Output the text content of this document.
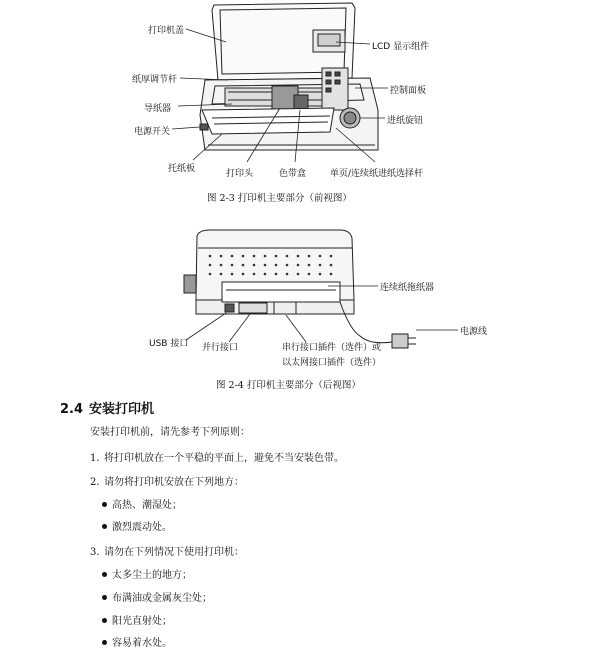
打印机盖
LCD 显示组件
纸厚调节杆
控制面板
导纸器
电源开关
进纸旋钮
托纸板	打印头	色带盒	单页/连续纸进纸选择杆
图 2-3 打印机主要部分（前视图）
连续纸拖纸器
电源线
USB 接口 并行接口	串行接口插件（选件）或
以太网接口插件（选件）
图 2-4 打印机主要部分（后视图）
2.4 安装打印机
安装打印机前，请先参考下列原则：
1. 将打印机放在一个平稳的平面上，避免不当安装色带。
2. 请勿将打印机安放在下列地方：
高热、潮湿处；
激烈震动处。
3. 请勿在下列情况下使用打印机：
太多尘土的地方；
布满油或金属灰尘处；
阳光直射处；
容易着水处。
